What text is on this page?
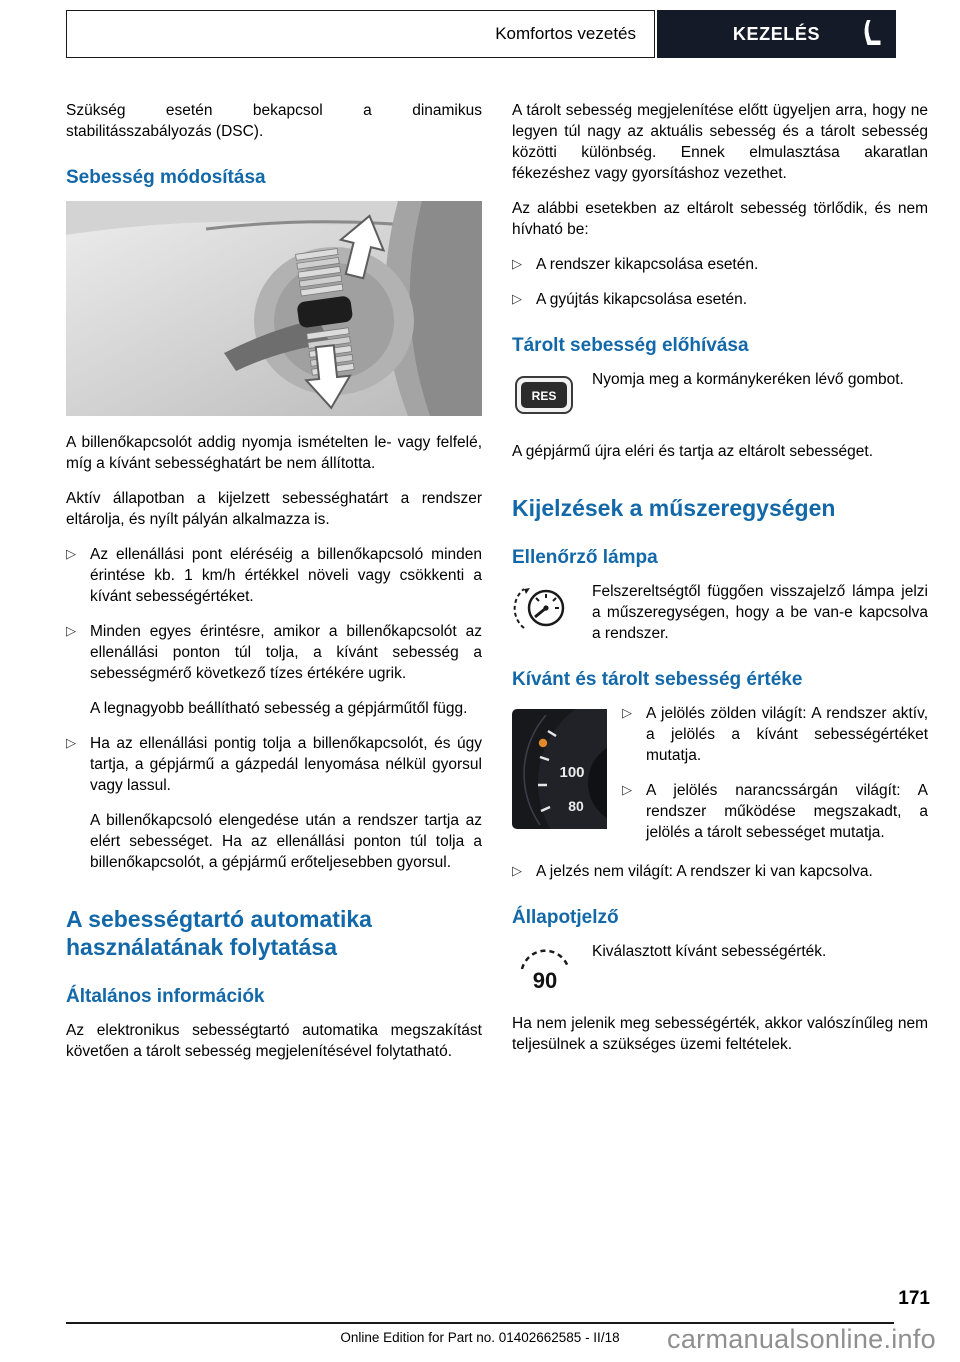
Komfortos vezetés	KEZELÉS

Szükség esetén bekapcsol a dinamikus stabilitásszabályozás (DSC).

Sebesség módosítása

A billenőkapcsolót addig nyomja ismételten le- vagy felfelé, míg a kívánt sebességhatárt be nem állította.

Aktív állapotban a kijelzett sebességhatárt a rendszer eltárolja, és nyílt pályán alkalmazza is.

▷ Az ellenállási pont eléréséig a billenőkapcsoló minden érintése kb. 1 km/h értékkel növeli vagy csökkenti a kívánt sebességértéket.

▷ Minden egyes érintésre, amikor a billenőkapcsolót az ellenállási ponton túl tolja, a kívánt sebesség a sebességmérő következő tízes értékére ugrik.

A legnagyobb beállítható sebesség a gépjárműtől függ.

▷ Ha az ellenállási pontig tolja a billenőkapcsolót, és úgy tartja, a gépjármű a gázpedál lenyomása nélkül gyorsul vagy lassul.

A billenőkapcsoló elengedése után a rendszer tartja az elért sebességet. Ha az ellenállási ponton túl tolja a billenőkapcsolót, a gépjármű erőteljesebben gyorsul.

A sebességtartó automatika használatának folytatása
Általános információk

Az elektronikus sebességtartó automatika megszakítást követően a tárolt sebesség megjelenítésével folytatható.

A tárolt sebesség megjelenítése előtt ügyeljen arra, hogy ne legyen túl nagy az aktuális sebesség és a tárolt sebesség közötti különbség. Ennek elmulasztása akaratlan fékezéshez vagy gyorsításhoz vezethet.

Az alábbi esetekben az eltárolt sebesség törlődik, és nem hívható be:

▷ A rendszer kikapcsolása esetén.

▷ A gyújtás kikapcsolása esetén.

Tárolt sebesség előhívása
RES
Nyomja meg a kormánykeréken lévő gombot.

A gépjármű újra eléri és tartja az eltárolt sebességet.

Kijelzések a műszeregységen
Ellenőrző lámpa
Felszereltségtől függően visszajelző lámpa jelzi a műszeregységen, hogy a be van-e kapcsolva a rendszer.
Kívánt és tárolt sebesség értéke
100
80
▷ A jelölés zölden világít: A rendszer aktív, a jelölés a kívánt sebességértéket mutatja.

▷ A jelölés narancssárgán világít: A rendszer működése megszakadt, a jelölés a tárolt sebességet mutatja.

▷ A jelzés nem világít: A rendszer ki van kapcsolva.

Állapotjelző
90
Kiválasztott kívánt sebességérték.

Ha nem jelenik meg sebességérték, akkor valószínűleg nem teljesülnek a szükséges üzemi feltételek.

171
Online Edition for Part no. 01402662585 - II/18	carmanualsonline.info
